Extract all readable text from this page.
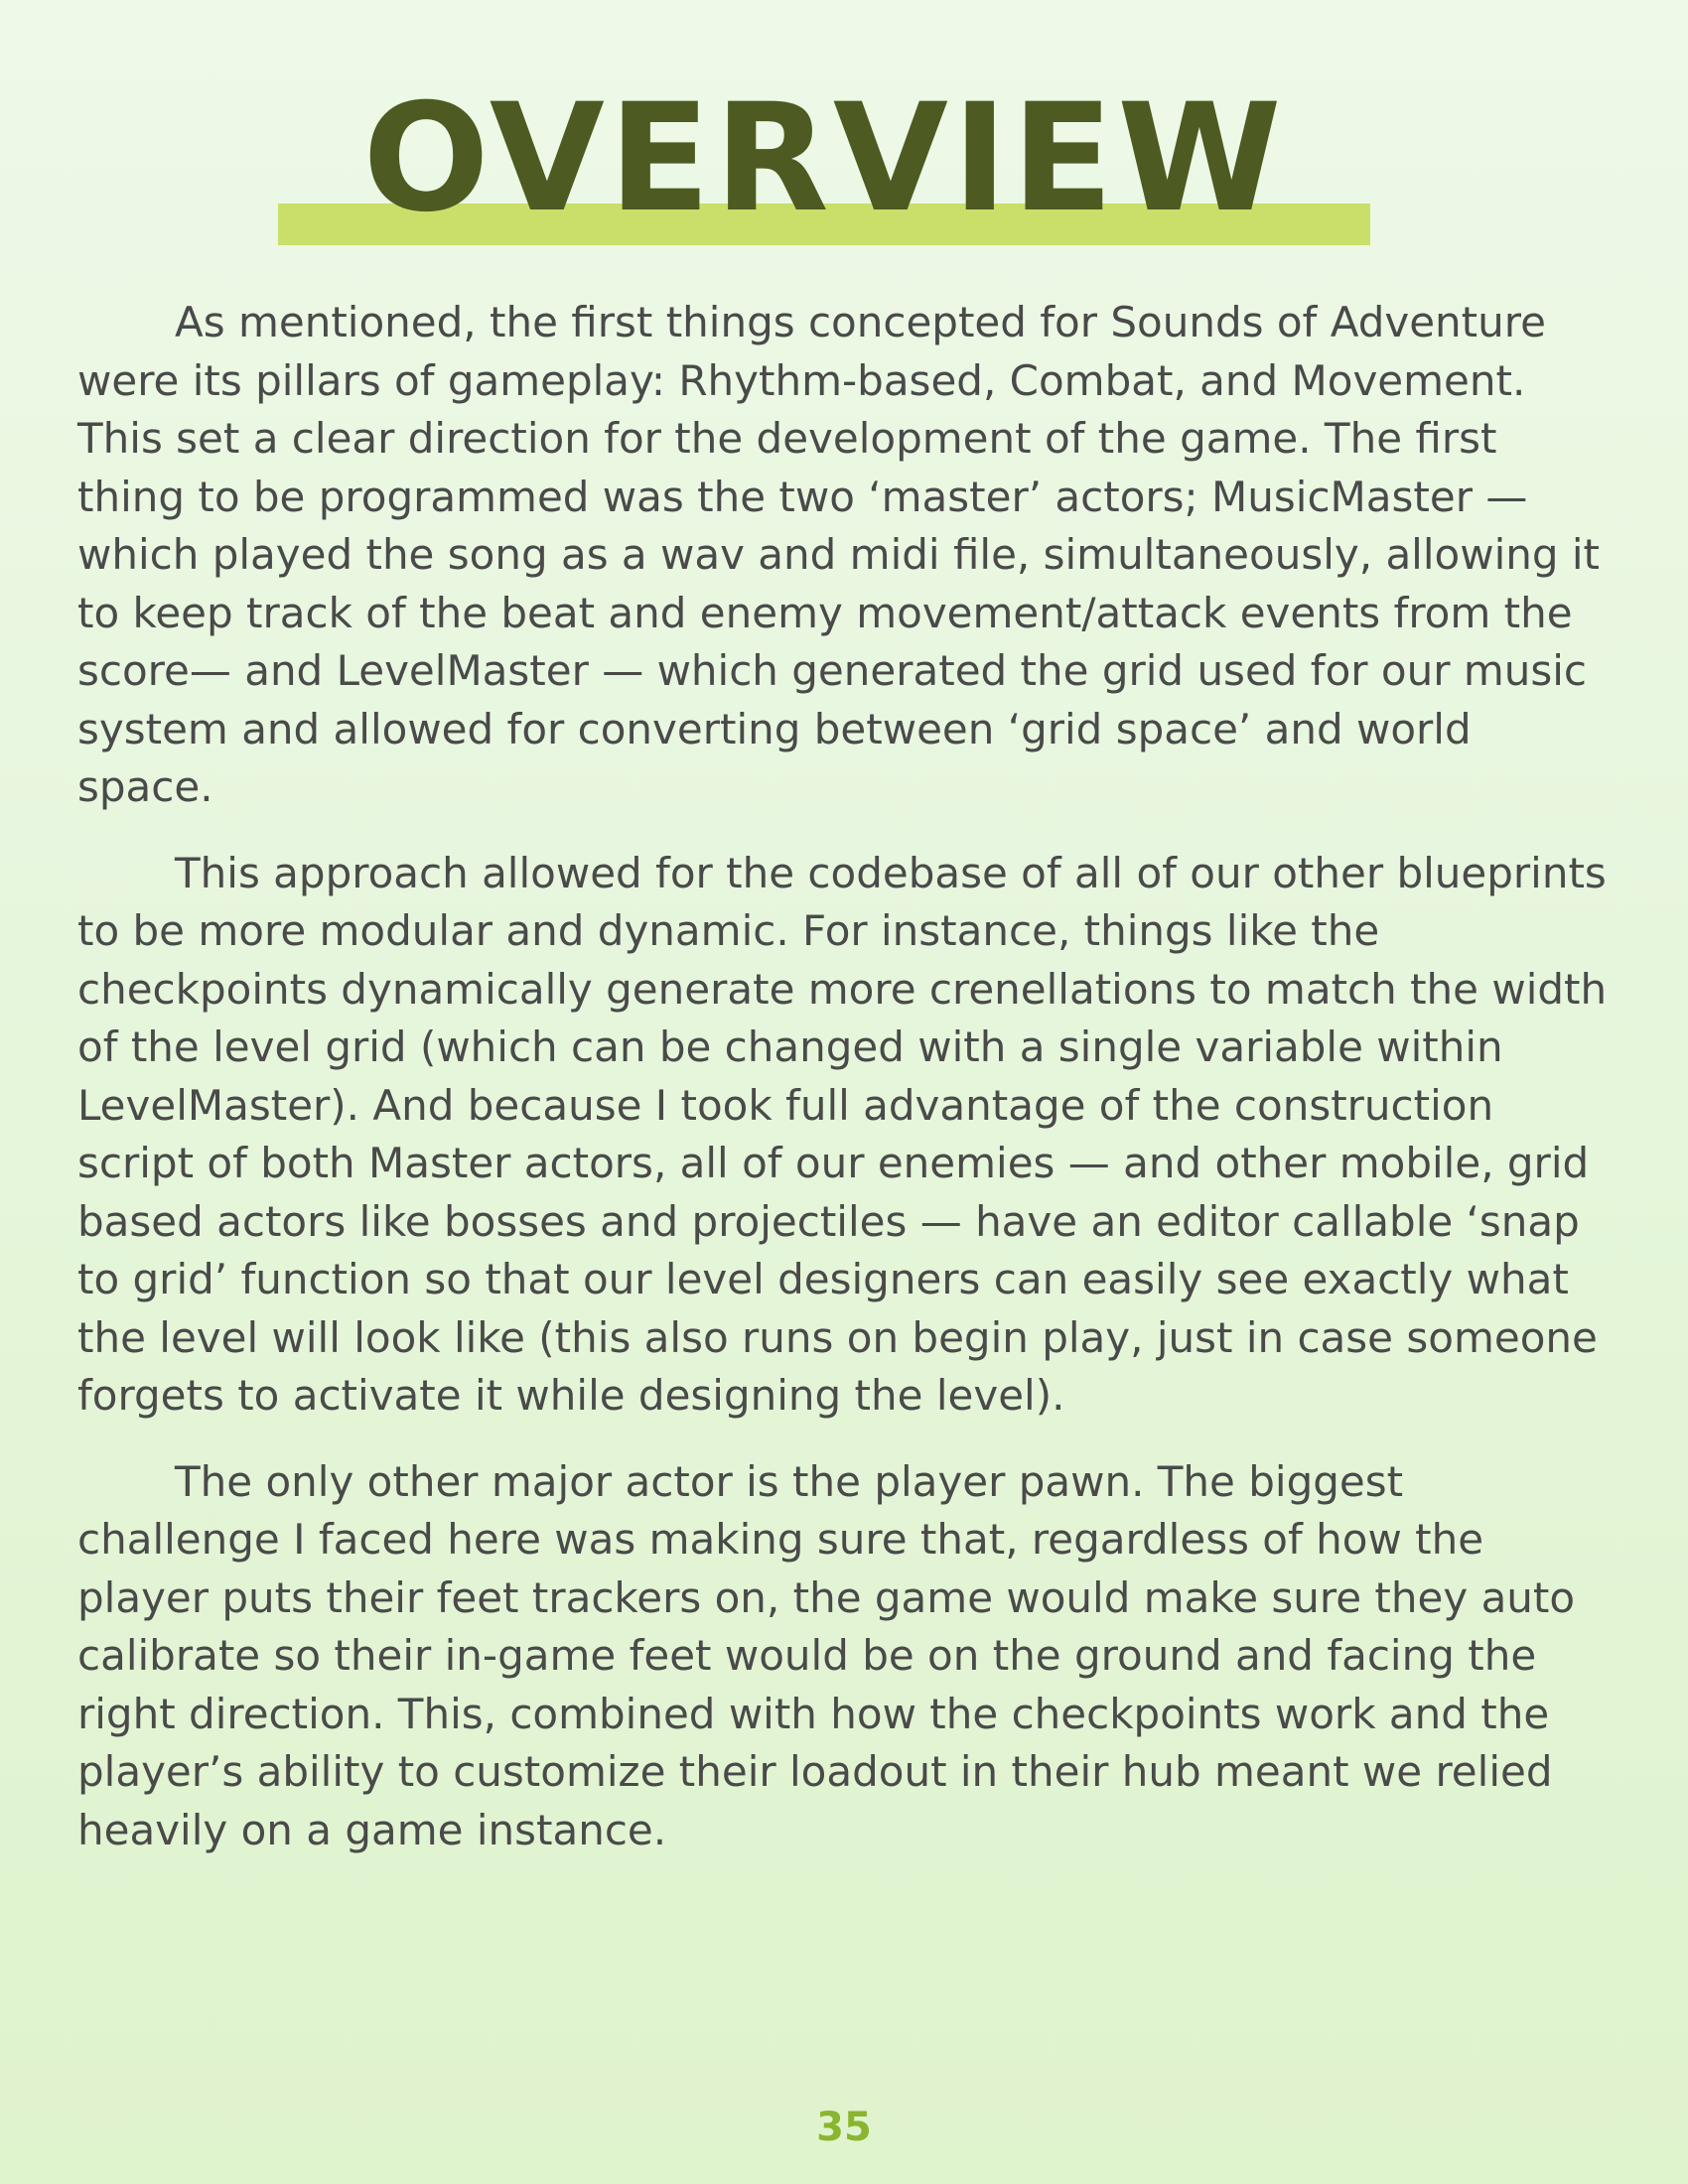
OVERVIEW

As mentioned, the first things concepted for Sounds of Adventure were its pillars of gameplay: Rhythm-based, Combat, and Movement. This set a clear direction for the development of the game. The first thing to be programmed was the two ‘master’ actors; MusicMaster — which played the song as a wav and midi file, simultaneously, allowing it to keep track of the beat and enemy movement/attack events from the score— and LevelMaster — which generated the grid used for our music system and allowed for converting between ‘grid space’ and world space.

This approach allowed for the codebase of all of our other blueprints to be more modular and dynamic. For instance, things like the checkpoints dynamically generate more crenellations to match the width of the level grid (which can be changed with a single variable within LevelMaster). And because I took full advantage of the construction script of both Master actors, all of our enemies — and other mobile, grid based actors like bosses and projectiles — have an editor callable ‘snap to grid’ function so that our level designers can easily see exactly what the level will look like (this also runs on begin play, just in case someone forgets to activate it while designing the level).

The only other major actor is the player pawn. The biggest challenge I faced here was making sure that, regardless of how the player puts their feet trackers on, the game would make sure they auto calibrate so their in-game feet would be on the ground and facing the right direction. This, combined with how the checkpoints work and the player’s ability to customize their loadout in their hub meant we relied heavily on a game instance.

35
